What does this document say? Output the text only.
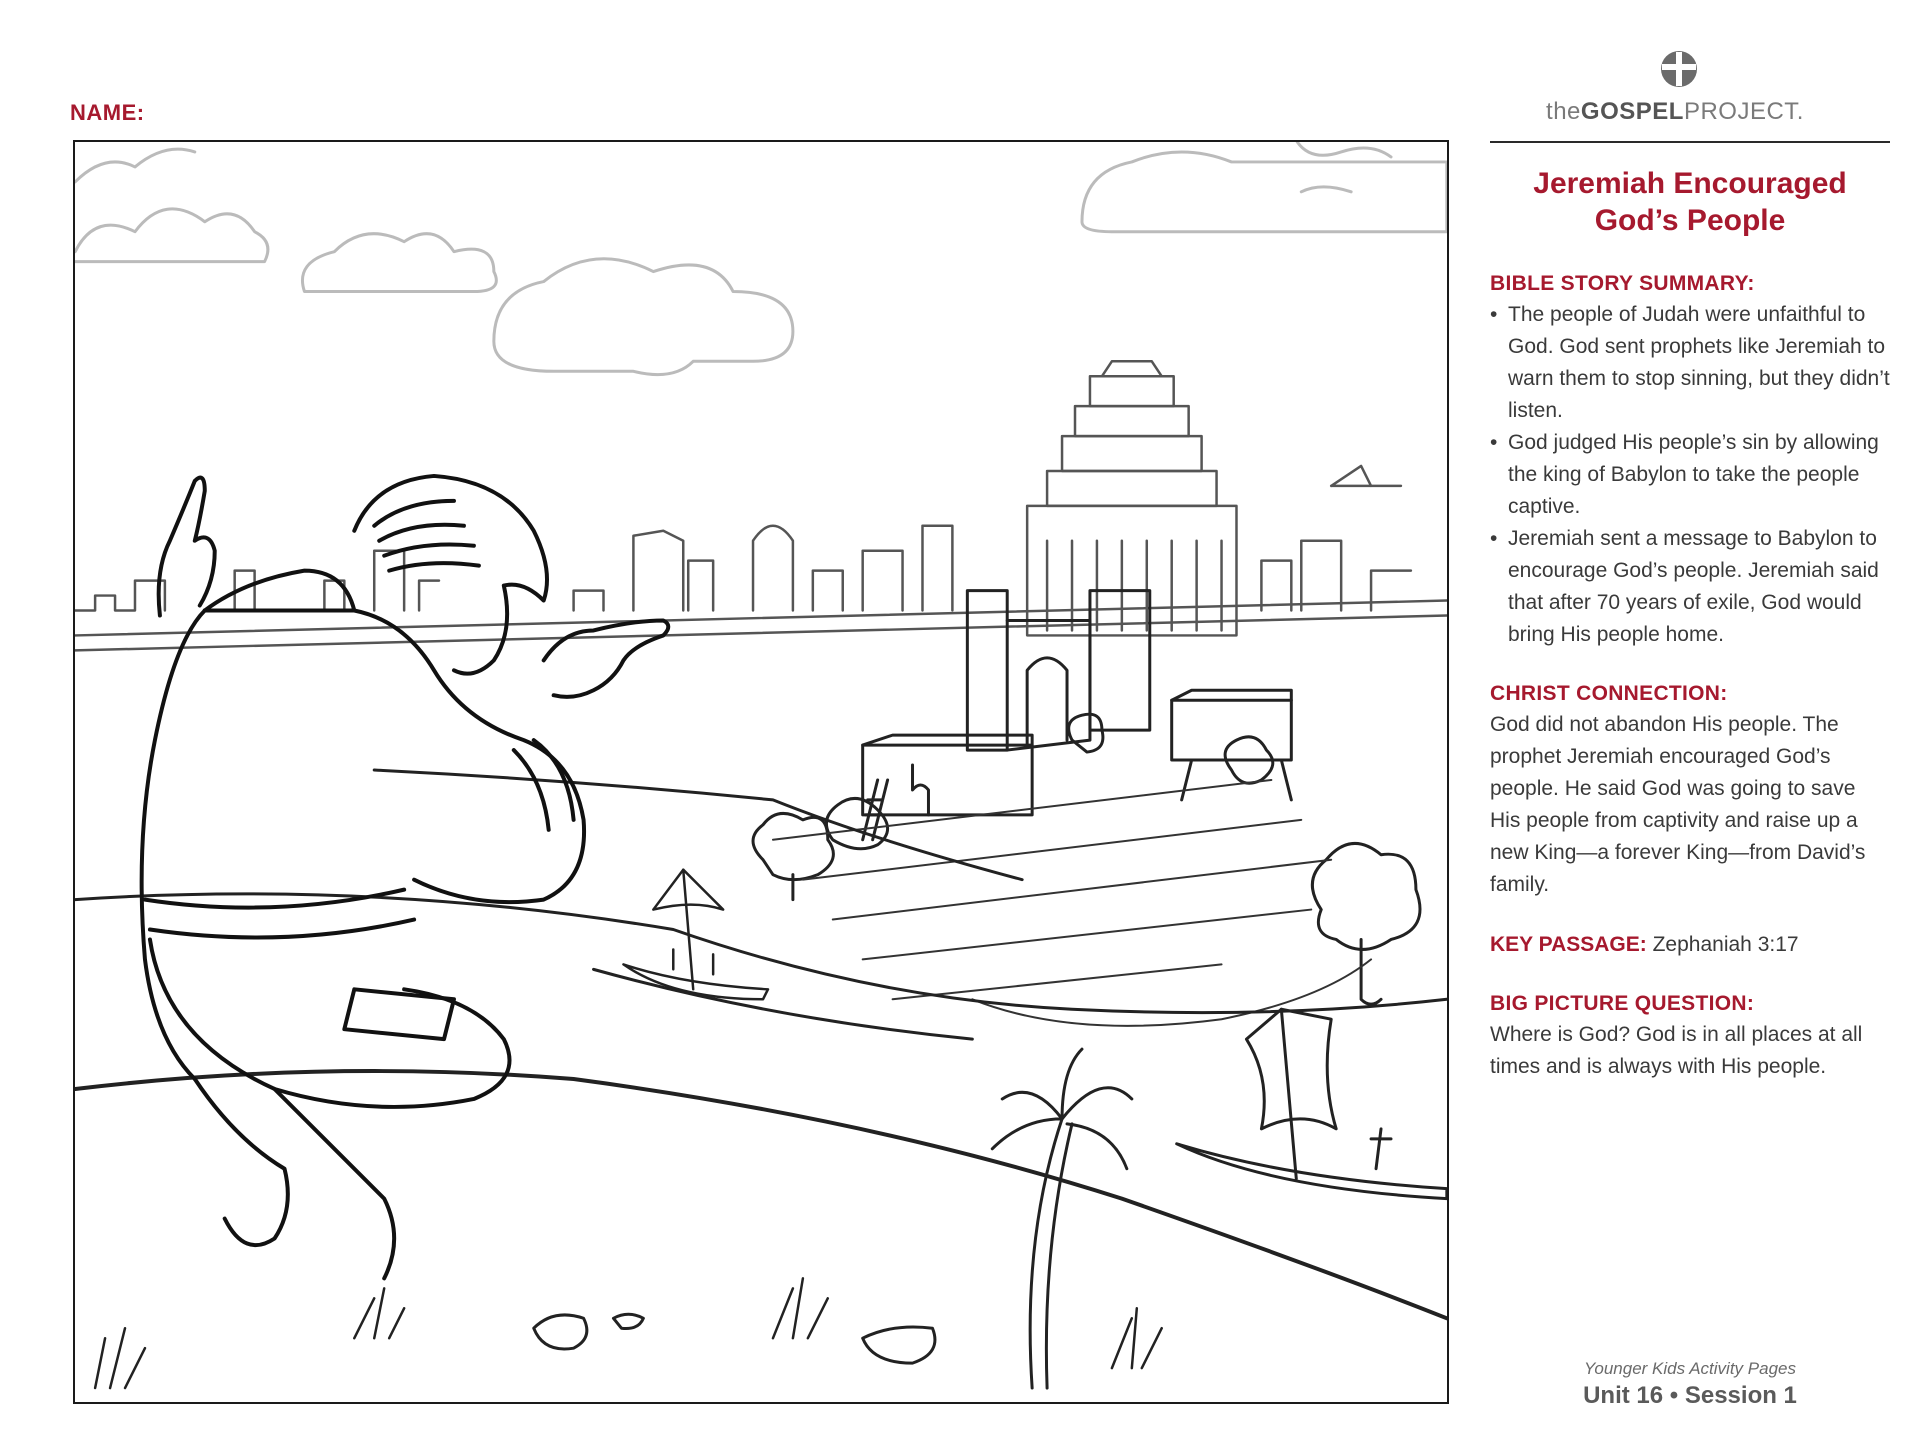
NAME:	theGOSPELPROJECT.
Jeremiah Encouraged
God’s People

BIBLE STORY SUMMARY:

• The people of Judah were unfaithful to God. God sent prophets like Jeremiah to warn them to stop sinning, but they didn’t listen.
• God judged His people’s sin by allowing the king of Babylon to take the people captive.
• Jeremiah sent a message to Babylon to encourage God’s people. Jeremiah said that after 70 years of exile, God would bring His people home.

CHRIST CONNECTION:

God did not abandon His people. The prophet Jeremiah encouraged God’s people. He said God was going to save His people from captivity and raise up a new King—a forever King—from David’s family.

KEY PASSAGE: Zephaniah 3:17

BIG PICTURE QUESTION:

Where is God? God is in all places at all times and is always with His people.

Younger Kids Activity Pages
Unit 16 • Session 1
